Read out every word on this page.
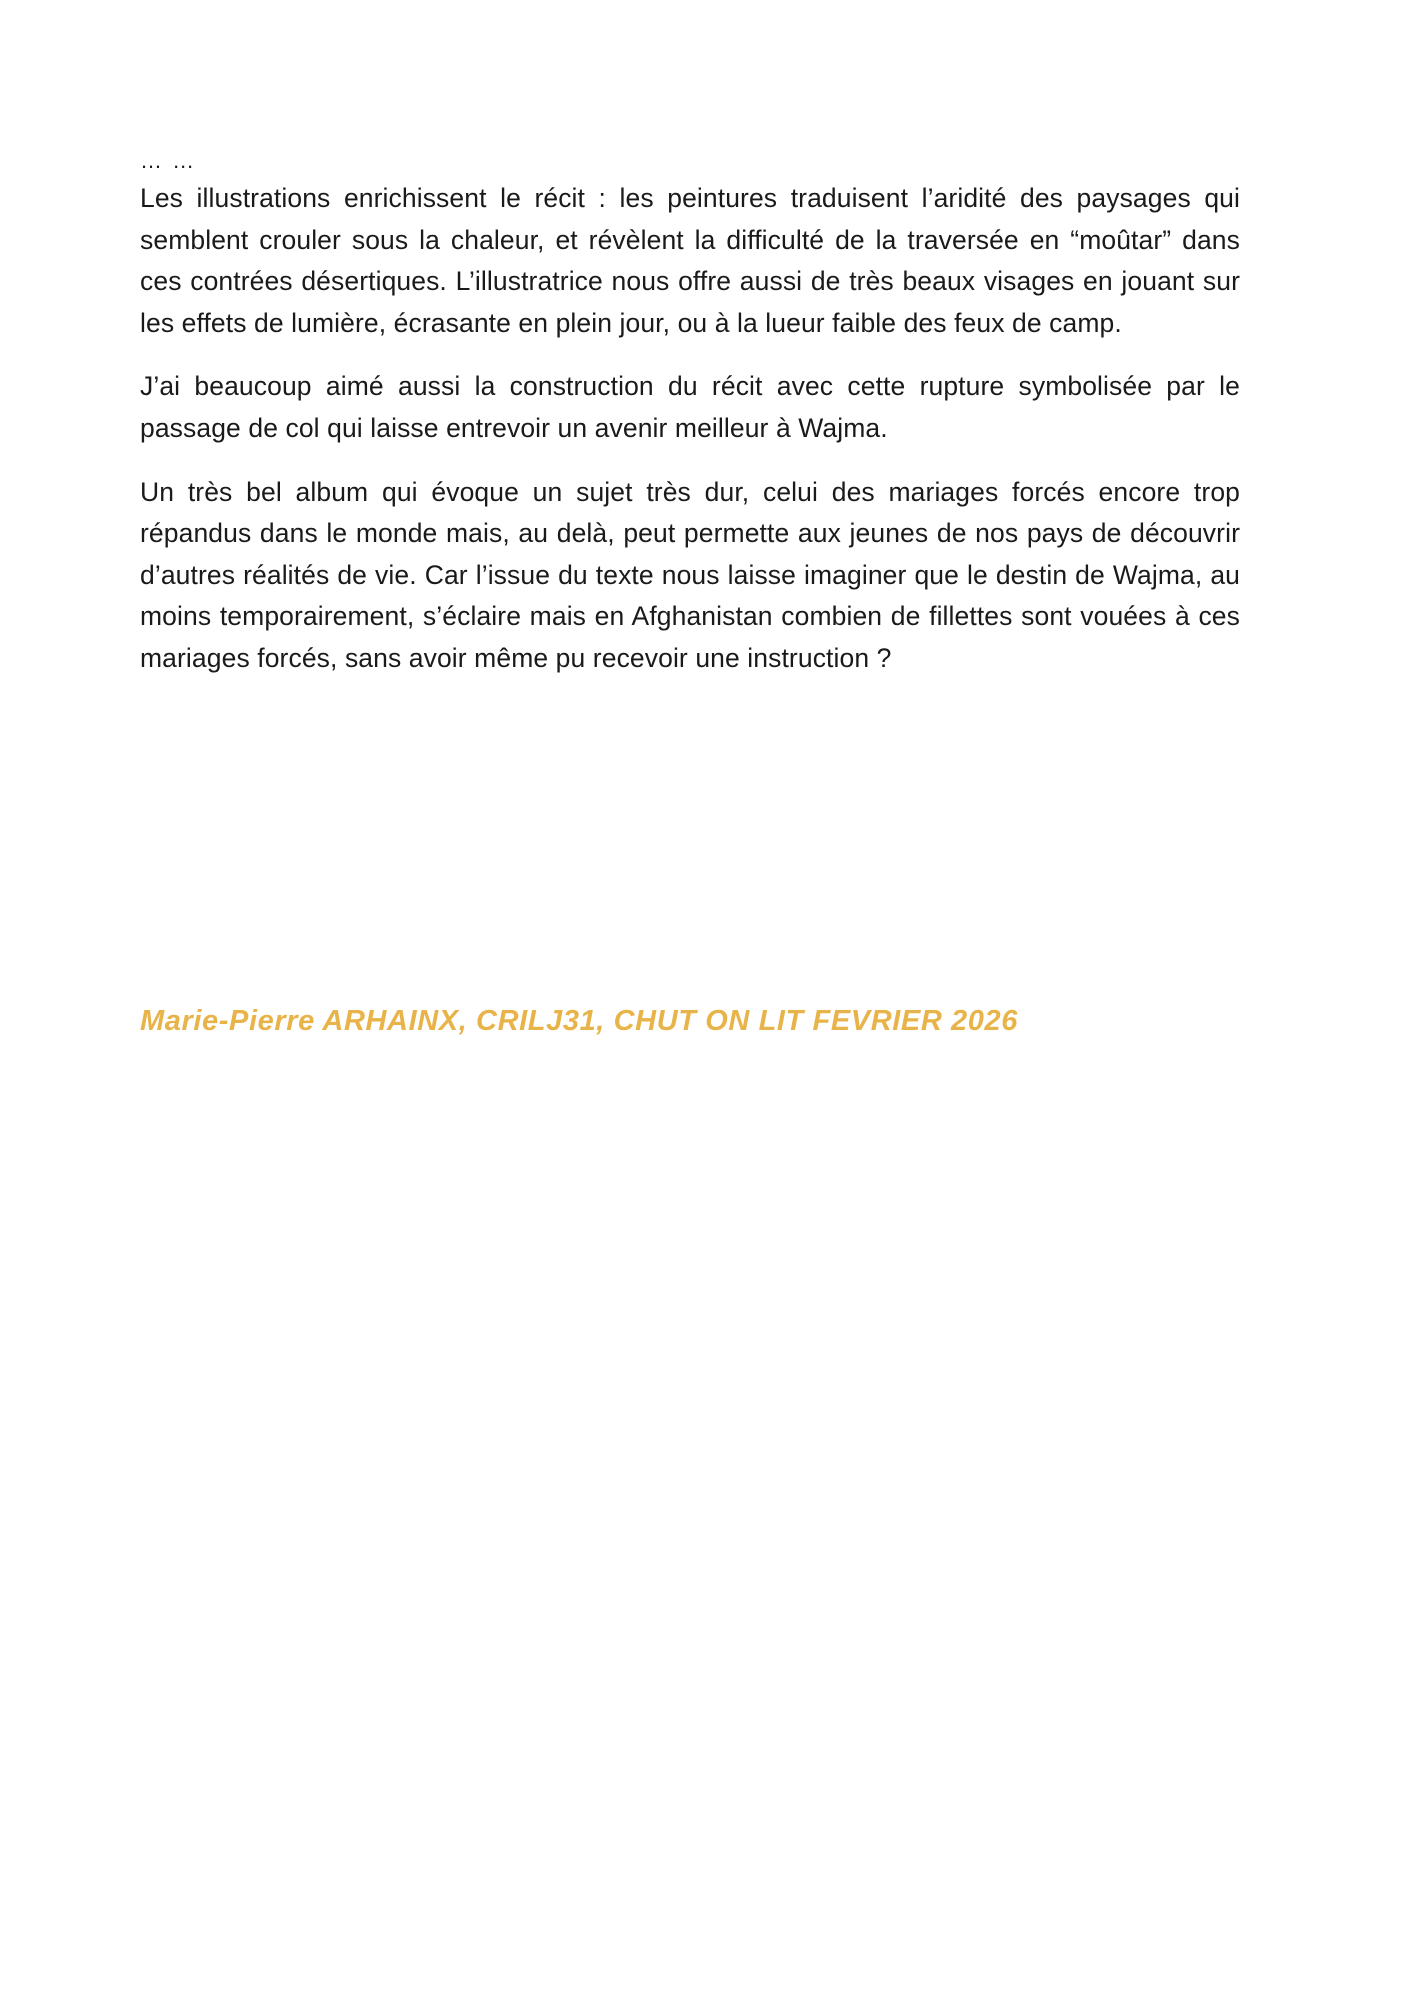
… …

Les illustrations enrichissent le récit : les peintures traduisent l’aridité des paysages qui semblent crouler sous la chaleur, et révèlent la difficulté de la traversée en “moûtar” dans ces contrées désertiques. L’illustratrice nous offre aussi de très beaux visages en jouant sur les effets de lumière, écrasante en plein jour, ou à la lueur faible des feux de camp.

J’ai beaucoup aimé aussi la construction du récit avec cette rupture symbolisée par le passage de col qui laisse entrevoir un avenir meilleur à Wajma.

Un très bel album qui évoque un sujet très dur, celui des mariages forcés encore trop répandus dans le monde mais, au delà, peut permette aux jeunes de nos pays de découvrir d’autres réalités de vie. Car l’issue du texte nous laisse imaginer que le destin de Wajma, au moins temporairement, s’éclaire mais en Afghanistan combien de fillettes sont vouées à ces mariages forcés, sans avoir même pu recevoir une instruction ?

Marie-Pierre ARHAINX, CRILJ31, CHUT ON LIT FEVRIER 2026
